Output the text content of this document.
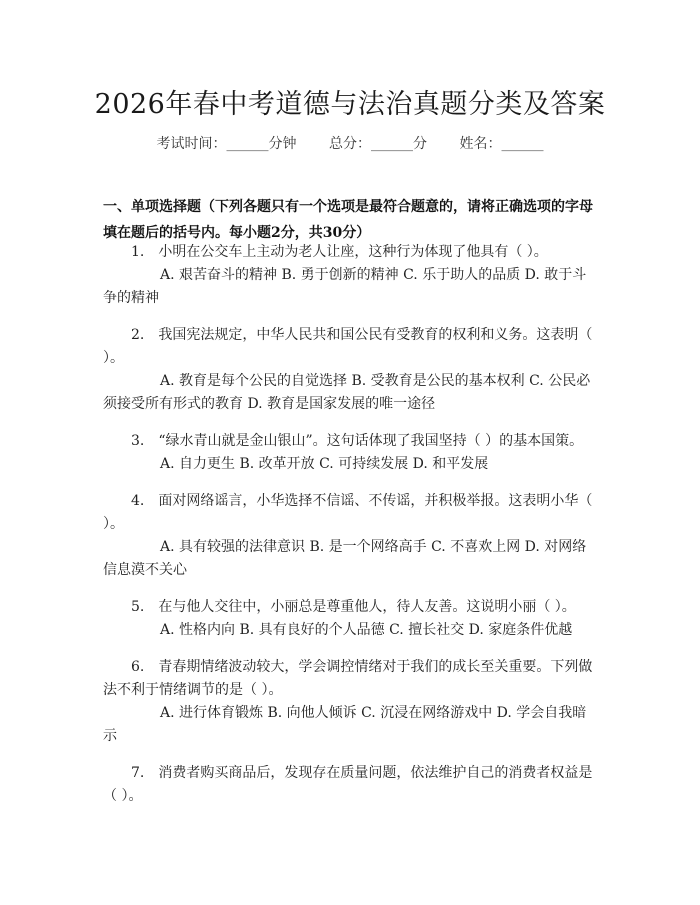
2026年春中考道德与法治真题分类及答案
考试时间：______分钟 总分：______分 姓名：______
一、单项选择题（下列各题只有一个选项是最符合题意的，请将正确选项的字母填在题后的括号内。每小题2分，共30分）
1.　小明在公交车上主动为老人让座，这种行为体现了他具有（ ）。
A. 艰苦奋斗的精神 B. 勇于创新的精神 C. 乐于助人的品质 D. 敢于斗争的精神
2.　我国宪法规定，中华人民共和国公民有受教育的权利和义务。这表明（ ）。
A. 教育是每个公民的自觉选择 B. 受教育是公民的基本权利 C. 公民必须接受所有形式的教育 D. 教育是国家发展的唯一途径
3.　“绿水青山就是金山银山”。这句话体现了我国坚持（ ）的基本国策。
A. 自力更生 B. 改革开放 C. 可持续发展 D. 和平发展
4.　面对网络谣言，小华选择不信谣、不传谣，并积极举报。这表明小华（ ）。
A. 具有较强的法律意识 B. 是一个网络高手 C. 不喜欢上网 D. 对网络信息漠不关心
5.　在与他人交往中，小丽总是尊重他人，待人友善。这说明小丽（ ）。
A. 性格内向 B. 具有良好的个人品德 C. 擅长社交 D. 家庭条件优越
6.　青春期情绪波动较大，学会调控情绪对于我们的成长至关重要。下列做法不利于情绪调节的是（ ）。
A. 进行体育锻炼 B. 向他人倾诉 C. 沉浸在网络游戏中 D. 学会自我暗示
7.　消费者购买商品后，发现存在质量问题，依法维护自己的消费者权益是（ ）。
